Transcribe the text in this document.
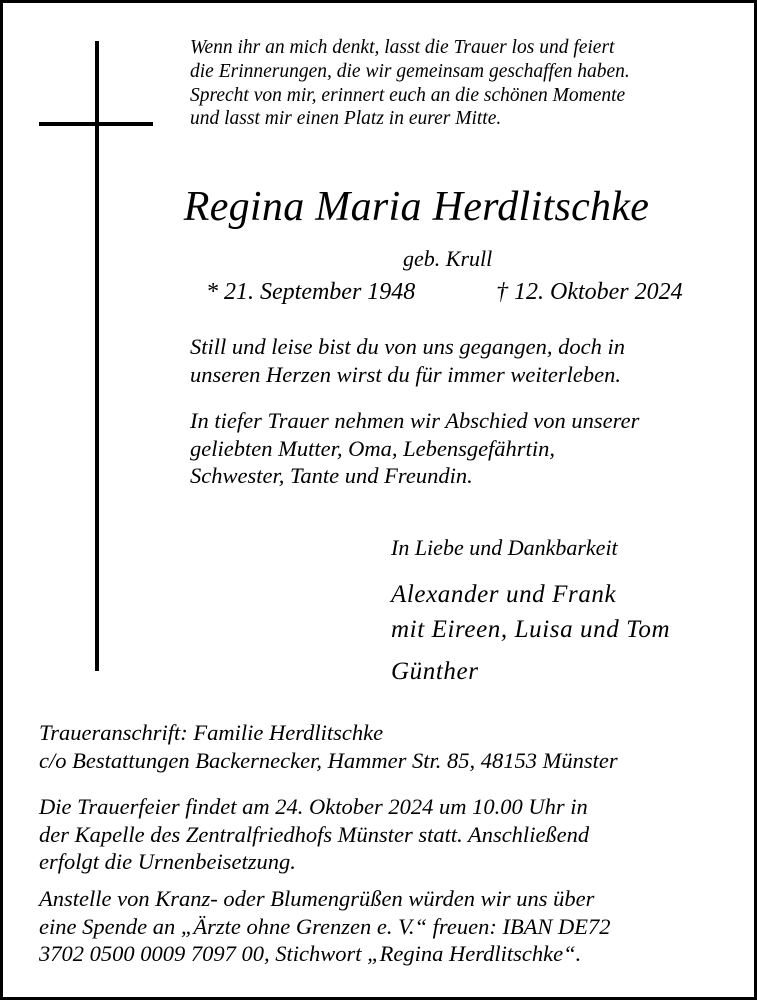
Wenn ihr an mich denkt, lasst die Trauer los und feiert
die Erinnerungen, die wir gemeinsam geschaffen haben.
Sprecht von mir, erinnert euch an die schönen Momente
und lasst mir einen Platz in eurer Mitte.
Regina Maria Herdlitschke
geb. Krull
* 21. September 1948	† 12. Oktober 2024
Still und leise bist du von uns gegangen, doch in
unseren Herzen wirst du für immer weiterleben.
In tiefer Trauer nehmen wir Abschied von unserer
geliebten Mutter, Oma, Lebensgefährtin,
Schwester, Tante und Freundin.
In Liebe und Dankbarkeit
Alexander und Frank
mit Eireen, Luisa und Tom
Günther
Traueranschrift: Familie Herdlitschke
c/o Bestattungen Backernecker, Hammer Str. 85, 48153 Münster
Die Trauerfeier findet am 24. Oktober 2024 um 10.00 Uhr in
der Kapelle des Zentralfriedhofs Münster statt. Anschließend
erfolgt die Urnenbeisetzung.
Anstelle von Kranz- oder Blumengrüßen würden wir uns über
eine Spende an „Ärzte ohne Grenzen e. V.“ freuen: IBAN DE72
3702 0500 0009 7097 00, Stichwort „Regina Herdlitschke“.
